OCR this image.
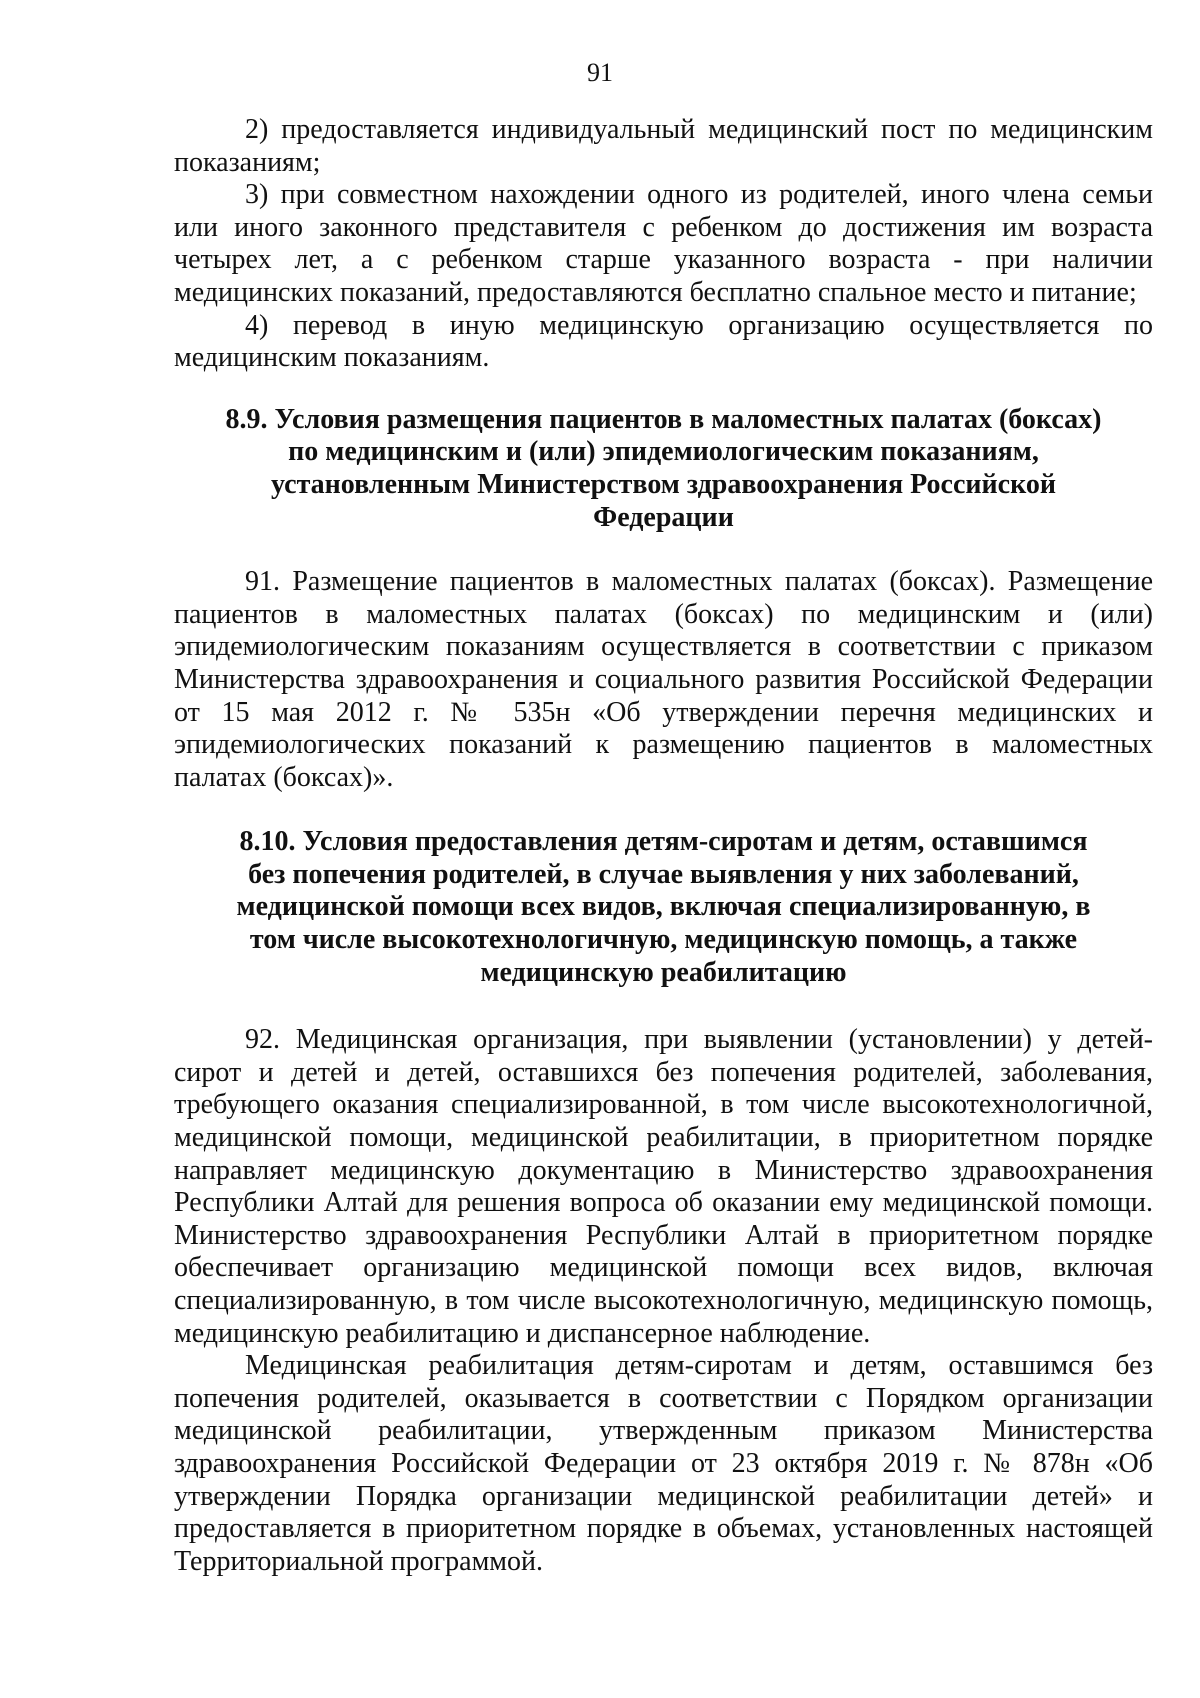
91

2) предоставляется индивидуальный медицинский пост по медицинским показаниям;

3) при совместном нахождении одного из родителей, иного члена семьи или иного законного представителя с ребенком до достижения им возраста четырех лет, а с ребенком старше указанного возраста - при наличии медицинских показаний, предоставляются бесплатно спальное место и питание;

4) перевод в иную медицинскую организацию осуществляется по медицинским показаниям.

8.9. Условия размещения пациентов в маломестных палатах (боксах) по медицинским и (или) эпидемиологическим показаниям, установленным Министерством здравоохранения Российской Федерации

91. Размещение пациентов в маломестных палатах (боксах). Размещение пациентов в маломестных палатах (боксах) по медицинским и (или) эпидемиологическим показаниям осуществляется в соответствии с приказом Министерства здравоохранения и социального развития Российской Федерации от 15 мая 2012 г. № 535н «Об утверждении перечня медицинских и эпидемиологических показаний к размещению пациентов в маломестных палатах (боксах)».

8.10. Условия предоставления детям-сиротам и детям, оставшимся без попечения родителей, в случае выявления у них заболеваний, медицинской помощи всех видов, включая специализированную, в том числе высокотехнологичную, медицинскую помощь, а также медицинскую реабилитацию

92. Медицинская организация, при выявлении (установлении) у детей-сирот и детей и детей, оставшихся без попечения родителей, заболевания, требующего оказания специализированной, в том числе высокотехнологичной, медицинской помощи, медицинской реабилитации, в приоритетном порядке направляет медицинскую документацию в Министерство здравоохранения Республики Алтай для решения вопроса об оказании ему медицинской помощи. Министерство здравоохранения Республики Алтай в приоритетном порядке обеспечивает организацию медицинской помощи всех видов, включая специализированную, в том числе высокотехнологичную, медицинскую помощь, медицинскую реабилитацию и диспансерное наблюдение.

Медицинская реабилитация детям-сиротам и детям, оставшимся без попечения родителей, оказывается в соответствии с Порядком организации медицинской реабилитации, утвержденным приказом Министерства здравоохранения Российской Федерации от 23 октября 2019 г. № 878н «Об утверждении Порядка организации медицинской реабилитации детей» и предоставляется в приоритетном порядке в объемах, установленных настоящей Территориальной программой.
